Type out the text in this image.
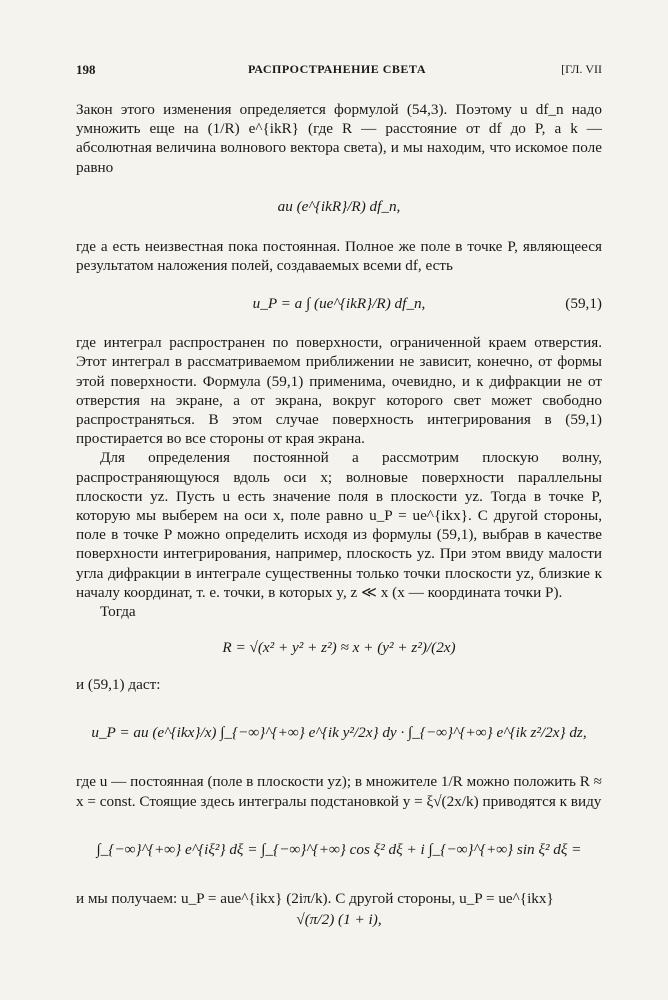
198	РАСПРОСТРАНЕНИЕ СВЕТА	[ГЛ. VII

Закон этого изменения определяется формулой (54,3). Поэтому u df_n надо умножить еще на (1/R) e^{ikR} (где R — расстояние от df до P, а k — абсолютная величина волнового вектора света), и мы находим, что искомое поле равно

au (e^{ikR}/R) df_n,

где a есть неизвестная пока постоянная. Полное же поле в точке P, являющееся результатом наложения полей, создаваемых всеми df, есть

u_P = a ∫ (ue^{ikR}/R) df_n,	(59,1)

где интеграл распространен по поверхности, ограниченной краем отверстия. Этот интеграл в рассматриваемом приближении не зависит, конечно, от формы этой поверхности. Формула (59,1) применима, очевидно, и к дифракции не от отверстия на экране, а от экрана, вокруг которого свет может свободно распространяться. В этом случае поверхность интегрирования в (59,1) простирается во все стороны от края экрана.

Для определения постоянной a рассмотрим плоскую волну, распространяющуюся вдоль оси x; волновые поверхности параллельны плоскости yz. Пусть u есть значение поля в плоскости yz. Тогда в точке P, которую мы выберем на оси x, поле равно u_P = ue^{ikx}. С другой стороны, поле в точке P можно определить исходя из формулы (59,1), выбрав в качестве поверхности интегрирования, например, плоскость yz. При этом ввиду малости угла дифракции в интеграле существенны только точки плоскости yz, близкие к началу координат, т. е. точки, в которых y, z ≪ x (x — координата точки P).

Тогда

R = √(x² + y² + z²) ≈ x + (y² + z²)/(2x)

и (59,1) даст:

u_P = au (e^{ikx}/x) ∫_{−∞}^{+∞} e^{ik y²/2x} dy · ∫_{−∞}^{+∞} e^{ik z²/2x} dz,

где u — постоянная (поле в плоскости yz); в множителе 1/R можно положить R ≈ x = const. Стоящие здесь интегралы подстановкой y = ξ√(2x/k) приводятся к виду

∫_{−∞}^{+∞} e^{iξ²} dξ = ∫_{−∞}^{+∞} cos ξ² dξ + i ∫_{−∞}^{+∞} sin ξ² dξ = √(π/2) (1 + i),

и мы получаем: u_P = aue^{ikx} (2iπ/k). С другой стороны, u_P = ue^{ikx}
